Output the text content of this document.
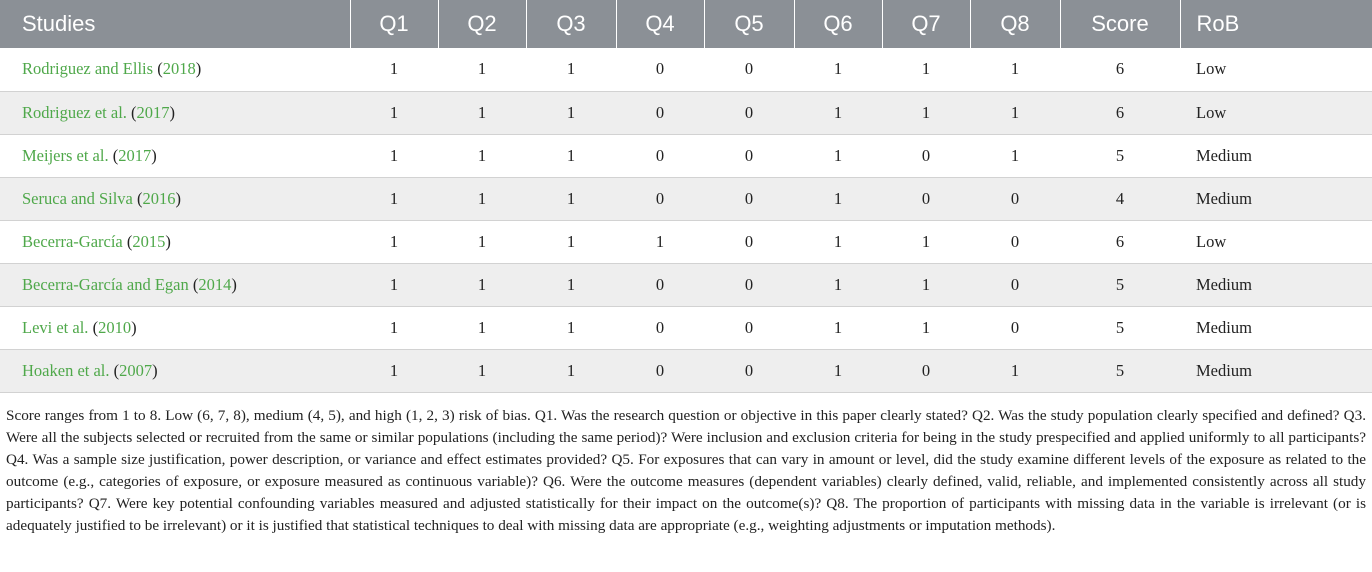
Studies	Q1	Q2	Q3	Q4	Q5	Q6	Q7	Q8	Score	RoB
Rodriguez and Ellis (2018)	1	1	1	0	0	1	1	1	6	Low
Rodriguez et al. (2017)	1	1	1	0	0	1	1	1	6	Low
Meijers et al. (2017)	1	1	1	0	0	1	0	1	5	Medium
Seruca and Silva (2016)	1	1	1	0	0	1	0	0	4	Medium
Becerra-García (2015)	1	1	1	1	0	1	1	0	6	Low
Becerra-García and Egan (2014)	1	1	1	0	0	1	1	0	5	Medium
Levi et al. (2010)	1	1	1	0	0	1	1	0	5	Medium
Hoaken et al. (2007)	1	1	1	0	0	1	0	1	5	Medium

Score ranges from 1 to 8. Low (6, 7, 8), medium (4, 5), and high (1, 2, 3) risk of bias. Q1. Was the research question or objective in this paper clearly stated? Q2. Was the study population clearly specified and defined? Q3. Were all the subjects selected or recruited from the same or similar populations (including the same period)? Were inclusion and exclusion criteria for being in the study prespecified and applied uniformly to all participants? Q4. Was a sample size justification, power description, or variance and effect estimates provided? Q5. For exposures that can vary in amount or level, did the study examine different levels of the exposure as related to the outcome (e.g., categories of exposure, or exposure measured as continuous variable)? Q6. Were the outcome measures (dependent variables) clearly defined, valid, reliable, and implemented consistently across all study participants? Q7. Were key potential confounding variables measured and adjusted statistically for their impact on the outcome(s)? Q8. The proportion of participants with missing data in the variable is irrelevant (or is adequately justified to be irrelevant) or it is justified that statistical techniques to deal with missing data are appropriate (e.g., weighting adjustments or imputation methods).
